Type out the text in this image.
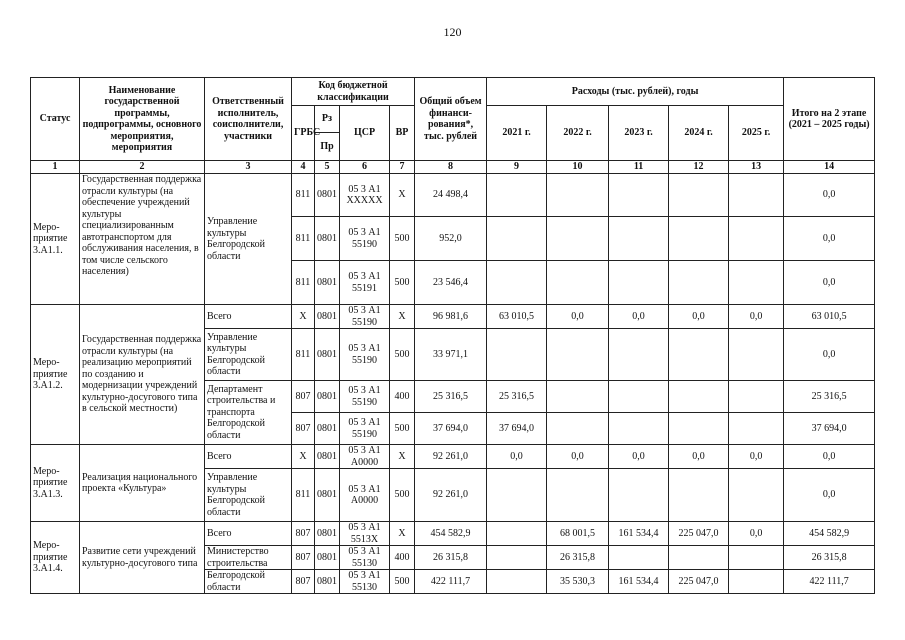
120
Статус	Наименование государственной программы, подпрограммы, основного мероприятия, мероприятия	Ответственный исполнитель, соисполнители, участники	Код бюджетной классификации				Общий объем финанси-рования*, тыс. рублей	Расходы (тыс. рублей), годы					Итого на 2 этапе (2021 – 2025 годы)
			ГРБС	Рз	ЦСР	ВР		2021 г.	2022 г.	2023 г.	2024 г.	2025 г.	
				Пр									
1	2	3	4	5	6	7	8	9	10	11	12	13	14
Меро-приятие 3.А1.1.	Государственная поддержка отрасли культуры (на обеспечение учреждений культуры специализированным автотранспортом для обслуживания населения, в том числе сельского населения)	Управление культуры Белгородской области	811	0801	05 3 А1 ХХХХХ	Х	24 498,4						0,0
			811	0801	05 3 А1 55190	500	952,0						0,0
			811	0801	05 3 А1 55191	500	23 546,4						0,0
Меро-приятие 3.А1.2.	Государственная поддержка отрасли культуры (на реализацию мероприятий по созданию и модернизации учреждений культурно-досугового типа в сельской местности)	Всего	Х	0801	05 3 А1 55190	Х	96 981,6	63 010,5	0,0	0,0	0,0	0,0	63 010,5
		Управление культуры Белгородской области	811	0801	05 3 А1 55190	500	33 971,1						0,0
		Департамент строительства и транспорта Белгородской области	807	0801	05 3 А1 55190	400	25 316,5	25 316,5					25 316,5
			807	0801	05 3 А1 55190	500	37 694,0	37 694,0					37 694,0
Меро-приятие 3.А1.3.	Реализация национального проекта «Культура»	Всего	Х	0801	05 3 А1 А0000	Х	92 261,0	0,0	0,0	0,0	0,0	0,0	0,0
		Управление культуры Белгородской области	811	0801	05 3 А1 А0000	500	92 261,0						0,0
Меро-приятие 3.А1.4.	Развитие сети учреждений культурно-досугового типа	Всего	807	0801	05 3 А1 5513Х	Х	454 582,9		68 001,5	161 534,4	225 047,0	0,0	454 582,9
		Министерство строительства	807	0801	05 3 А1 55130	400	26 315,8		26 315,8				26 315,8
		Белгородской области	807	0801	05 3 А1 55130	500	422 111,7		35 530,3	161 534,4	225 047,0		422 111,7
